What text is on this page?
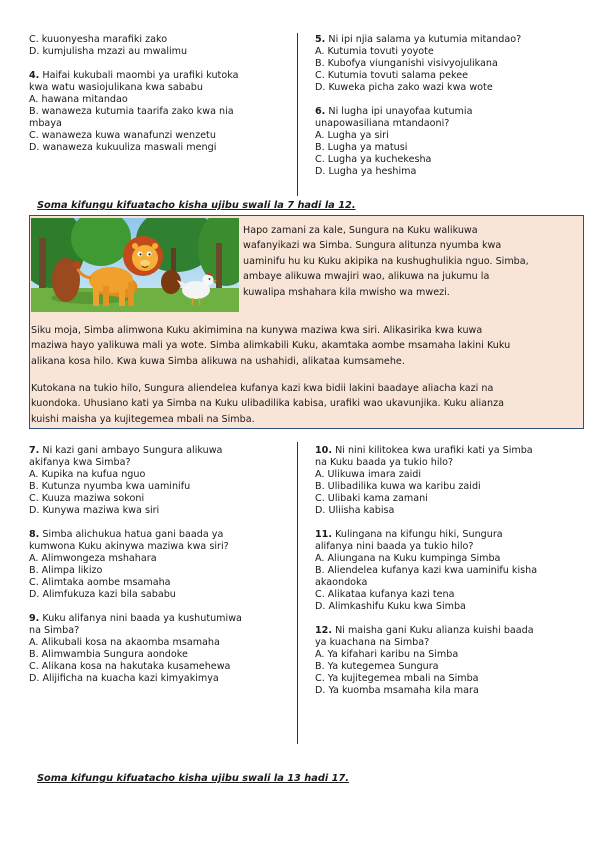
C. kuuonyesha marafiki zako
D. kumjulisha mzazi au mwalimu
4. Haifai kukubali maombi ya urafiki kutoka
kwa watu wasiojulikana kwa sababu
A. hawana mitandao
B. wanaweza kutumia taarifa zako kwa nia
mbaya
C. wanaweza kuwa wanafunzi wenzetu
D. wanaweza kukuuliza maswali mengi
5. Ni ipi njia salama ya kutumia mitandao?
A. Kutumia tovuti yoyote
B. Kubofya viunganishi visivyojulikana
C. Kutumia tovuti salama pekee
D. Kuweka picha zako wazi kwa wote
6. Ni lugha ipi unayofaa kutumia
unapowasiliana mtandaoni?
A. Lugha ya siri
B. Lugha ya matusi
C. Lugha ya kuchekesha
D. Lugha ya heshima
Soma kifungu kifuatacho kisha ujibu swali la 7 hadi la 12.
Hapo zamani za kale, Sungura na Kuku walikuwa
wafanyikazi wa Simba. Sungura alitunza nyumba kwa
uaminifu hu ku Kuku akipika na kushughulikia nguo. Simba,
ambaye alikuwa mwajiri wao, alikuwa na jukumu la
kuwalipa mshahara kila mwisho wa mwezi.
Siku moja, Simba alimwona Kuku akimimina na kunywa maziwa kwa siri. Alikasirika kwa kuwa
maziwa hayo yalikuwa mali ya wote. Simba alimkabili Kuku, akamtaka aombe msamaha lakini Kuku
alikana kosa hilo. Kwa kuwa Simba alikuwa na ushahidi, alikataa kumsamehe.
Kutokana na tukio hilo, Sungura aliendelea kufanya kazi kwa bidii lakini baadaye aliacha kazi na
kuondoka. Uhusiano kati ya Simba na Kuku ulibadilika kabisa, urafiki wao ukavunjika. Kuku alianza
kuishi maisha ya kujitegemea mbali na Simba.
7. Ni kazi gani ambayo Sungura alikuwa
akifanya kwa Simba?
A. Kupika na kufua nguo
B. Kutunza nyumba kwa uaminifu
C. Kuuza maziwa sokoni
D. Kunywa maziwa kwa siri
8. Simba alichukua hatua gani baada ya
kumwona Kuku akinywa maziwa kwa siri?
A. Alimwongeza mshahara
B. Alimpa likizo
C. Alimtaka aombe msamaha
D. Alimfukuza kazi bila sababu
9. Kuku alifanya nini baada ya kushutumiwa
na Simba?
A. Alikubali kosa na akaomba msamaha
B. Alimwambia Sungura aondoke
C. Alikana kosa na hakutaka kusamehewa
D. Alijificha na kuacha kazi kimyakimya
10. Ni nini kilitokea kwa urafiki kati ya Simba
na Kuku baada ya tukio hilo?
A. Ulikuwa imara zaidi
B. Ulibadilika kuwa wa karibu zaidi
C. Ulibaki kama zamani
D. Uliisha kabisa
11. Kulingana na kifungu hiki, Sungura
alifanya nini baada ya tukio hilo?
A. Aliungana na Kuku kumpinga Simba
B. Aliendelea kufanya kazi kwa uaminifu kisha
akaondoka
C. Alikataa kufanya kazi tena
D. Alimkashifu Kuku kwa Simba
12. Ni maisha gani Kuku alianza kuishi baada
ya kuachana na Simba?
A. Ya kifahari karibu na Simba
B. Ya kutegemea Sungura
C. Ya kujitegemea mbali na Simba
D. Ya kuomba msamaha kila mara
Soma kifungu kifuatacho kisha ujibu swali la 13 hadi 17.
